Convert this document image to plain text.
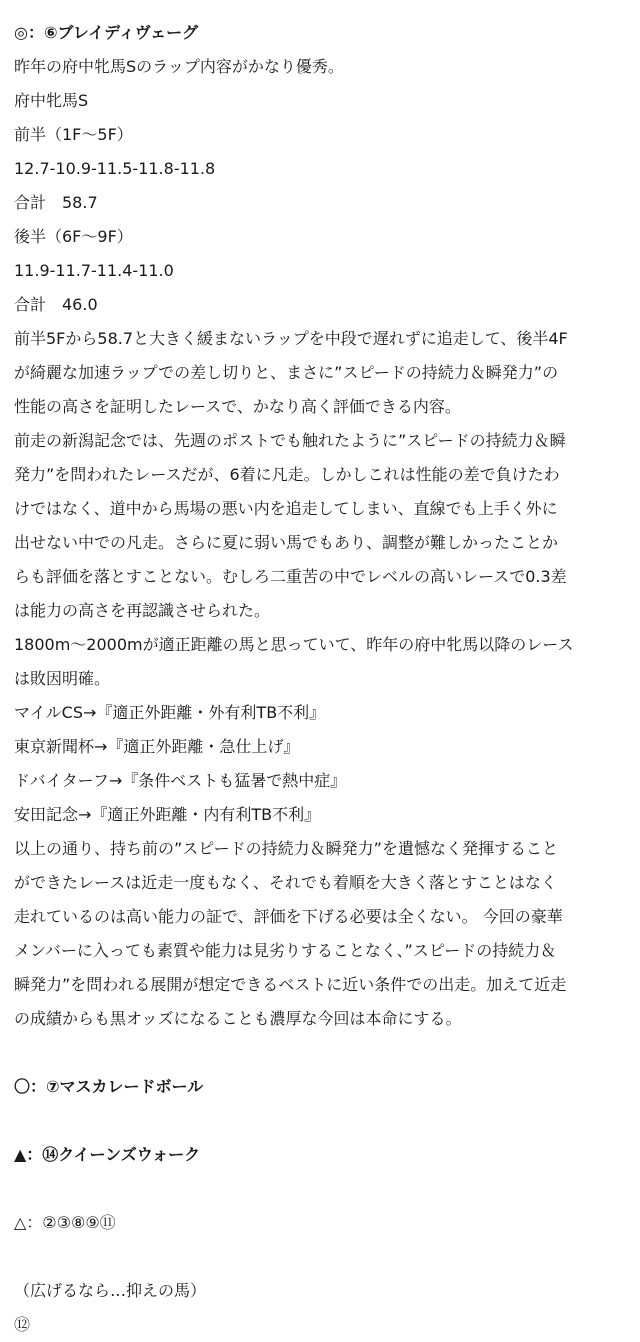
◎：⑥ブレイディヴェーグ
昨年の府中牝馬Sのラップ内容がかなり優秀。
府中牝馬S
前半（1F〜5F）
12.7-10.9-11.5-11.8-11.8
合計　58.7
後半（6F〜9F）
11.9-11.7-11.4-11.0
合計　46.0
前半5Fから58.7と大きく緩まないラップを中段で遅れずに追走して、後半4F
が綺麗な加速ラップでの差し切りと、まさに”スピードの持続力＆瞬発力”の
性能の高さを証明したレースで、かなり高く評価できる内容。
前走の新潟記念では、先週のポストでも触れたように”スピードの持続力＆瞬
発力”を問われたレースだが、6着に凡走。しかしこれは性能の差で負けたわ
けではなく、道中から馬場の悪い内を追走してしまい、直線でも上手く外に
出せない中での凡走。さらに夏に弱い馬でもあり、調整が難しかったことか
らも評価を落とすことない。むしろ二重苦の中でレベルの高いレースで0.3差
は能力の高さを再認識させられた。
1800m〜2000mが適正距離の馬と思っていて、昨年の府中牝馬以降のレース
は敗因明確。
マイルCS→『適正外距離・外有利TB不利』
東京新聞杯→『適正外距離・急仕上げ』
ドバイターフ→『条件ベストも猛暑で熱中症』
安田記念→『適正外距離・内有利TB不利』
以上の通り、持ち前の”スピードの持続力＆瞬発力”を遺憾なく発揮すること
ができたレースは近走一度もなく、それでも着順を大きく落とすことはなく
走れているのは高い能力の証で、評価を下げる必要は全くない。 今回の豪華
メンバーに入っても素質や能力は見劣りすることなく、”スピードの持続力＆
瞬発力”を問われる展開が想定できるベストに近い条件での出走。加えて近走
の成績からも黒オッズになることも濃厚な今回は本命にする。
〇：⑦マスカレードボール
▲：⑭クイーンズウォーク
△：②③⑧⑨⑪
（広げるなら…抑えの馬）
⑫
